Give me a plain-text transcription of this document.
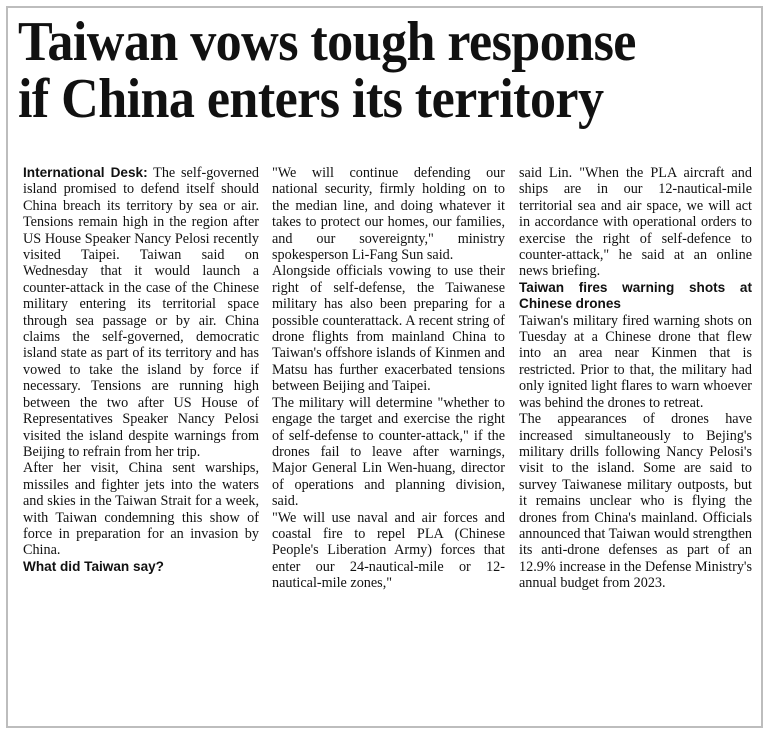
Taiwan vows tough response
if China enters its territory

International Desk: The self-governed island promised to defend itself should China breach its territory by sea or air. Tensions remain high in the region after US House Speaker Nancy Pelosi recently visited Taipei. Taiwan said on Wednesday that it would launch a counter-attack in the case of the Chinese military entering its territorial space through sea passage or by air. China claims the self-governed, democratic island state as part of its territory and has vowed to take the island by force if necessary. Tensions are running high between the two after US House of Representatives Speaker Nancy Pelosi visited the island despite warnings from Beijing to refrain from her trip.

After her visit, China sent warships, missiles and fighter jets into the waters and skies in the Taiwan Strait for a week, with Taiwan condemning this show of force in preparation for an invasion by China.

What did Taiwan say?

"We will continue defending our national security, firmly holding on to the median line, and doing whatever it takes to protect our homes, our families, and our sovereignty," ministry spokesperson Li-Fang Sun said.

Alongside officials vowing to use their right of self-defense, the Taiwanese military has also been preparing for a possible counterattack. A recent string of drone flights from mainland China to Taiwan's offshore islands of Kinmen and Matsu has further exacerbated tensions between Beijing and Taipei.

The military will determine "whether to engage the target and exercise the right of self-defense to counter-attack," if the drones fail to leave after warnings, Major General Lin Wen-huang, director of operations and planning division, said.

"We will use naval and air forces and coastal fire to repel PLA (Chinese People's Liberation Army) forces that enter our 24-nautical-mile or 12-nautical-mile zones,"

said Lin. "When the PLA aircraft and ships are in our 12-nautical-mile territorial sea and air space, we will act in accordance with operational orders to exercise the right of self-defence to counter-attack," he said at an online news briefing.

Taiwan fires warning shots at Chinese drones

Taiwan's military fired warning shots on Tuesday at a Chinese drone that flew into an area near Kinmen that is restricted. Prior to that, the military had only ignited light flares to warn whoever was behind the drones to retreat.

The appearances of drones have increased simultaneously to Bejing's military drills following Nancy Pelosi's visit to the island. Some are said to survey Taiwanese military outposts, but it remains unclear who is flying the drones from China's mainland. Officials announced that Taiwan would strengthen its anti-drone defenses as part of an 12.9% increase in the Defense Ministry's annual budget from 2023.
